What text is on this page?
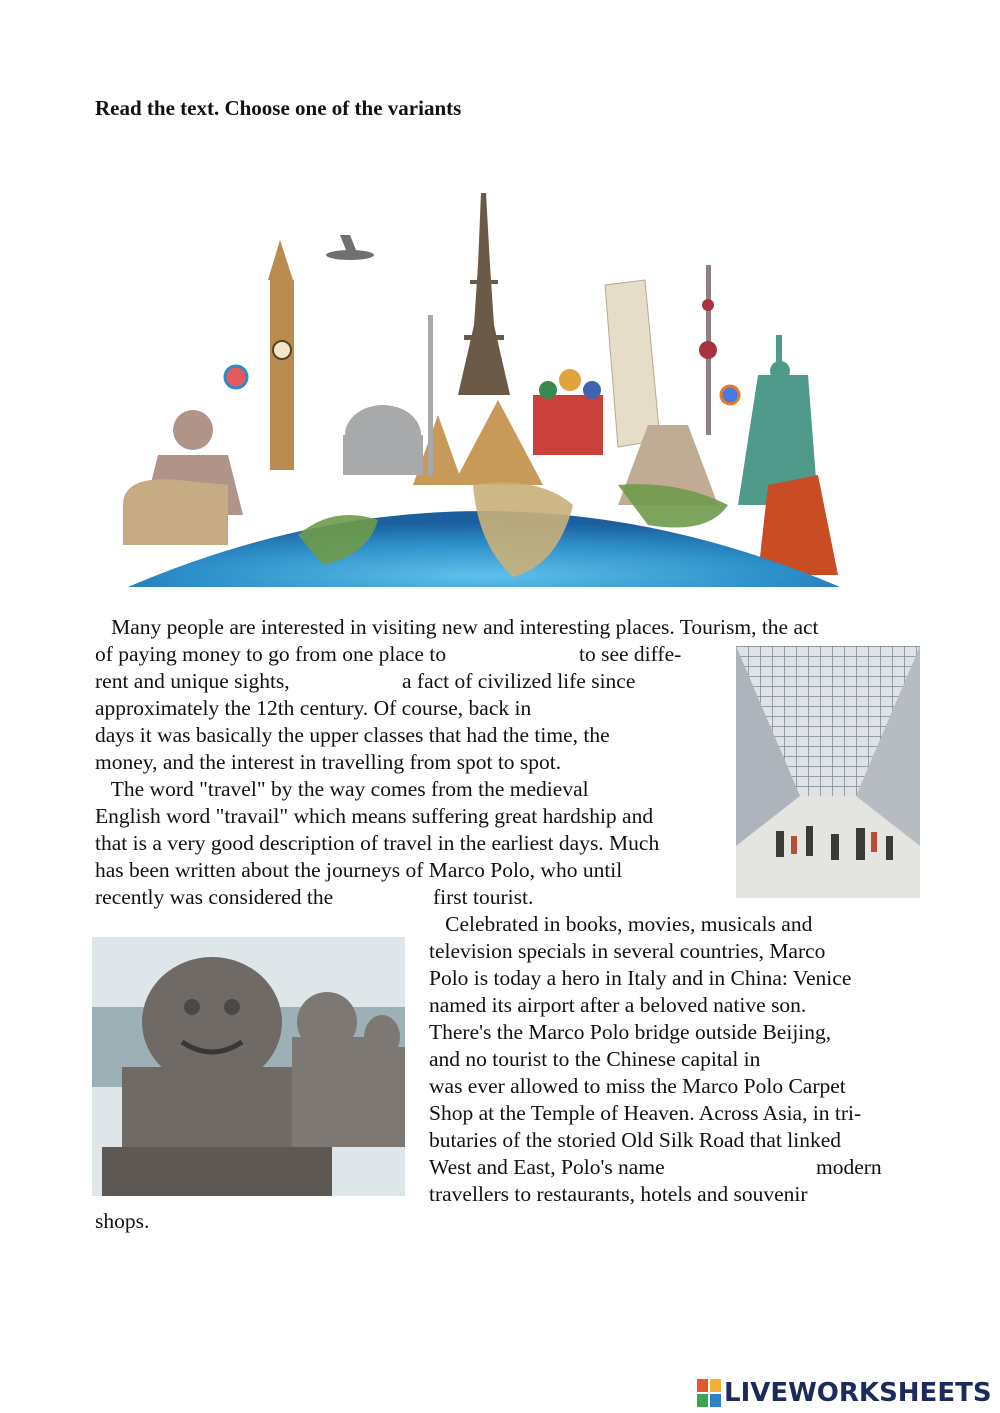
Read the text. Choose one of the variants
Many people are interested in visiting new and interesting places. Tourism, the act
of paying money to go from one place to	to see diffe-
rent and unique sights,	a fact of civilized life since
approximately the 12th century. Of course, back in
days it was basically the upper classes that had the time, the
money, and the interest in travelling from spot to spot.
The word "travel" by the way comes from the medieval
English word "travail" which means suffering great hardship and
that is a very good description of travel in the earliest days. Much
has been written about the journeys of Marco Polo, who until
recently was considered the	first tourist.
Celebrated in books, movies, musicals and
television specials in several countries, Marco
Polo is today a hero in Italy and in China: Venice
named its airport after a beloved native son.
There's the Marco Polo bridge outside Beijing,
and no tourist to the Chinese capital in
was ever allowed to miss the Marco Polo Carpet
Shop at the Temple of Heaven. Across Asia, in tri-
butaries of the storied Old Silk Road that linked
West and East, Polo's name	modern
travellers to restaurants, hotels and souvenir
shops.
LIVE WORKSHEETS
